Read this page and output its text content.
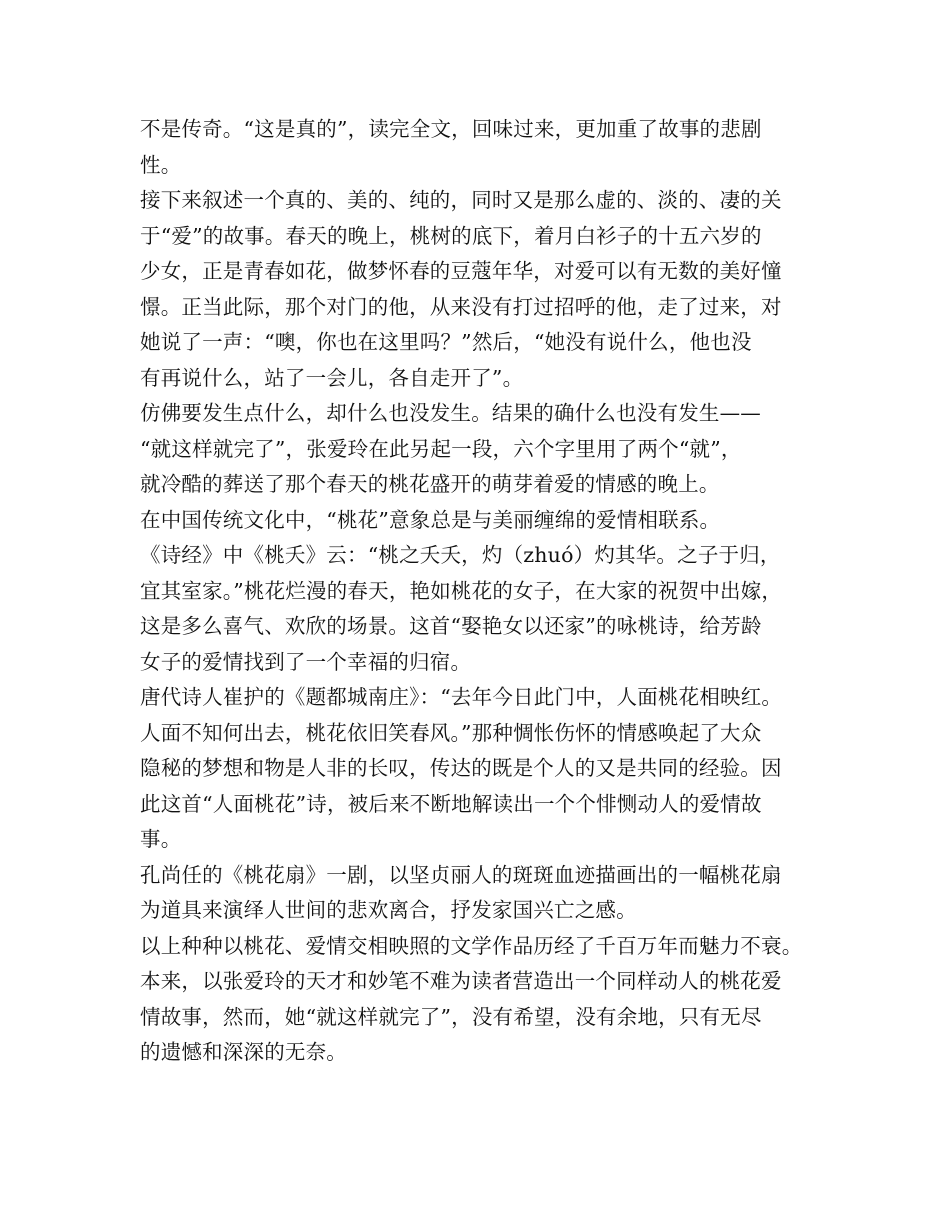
不是传奇。“这是真的”，读完全文，回味过来，更加重了故事的悲剧
性。
接下来叙述一个真的、美的、纯的，同时又是那么虚的、淡的、凄的关
于“爱”的故事。春天的晚上，桃树的底下，着月白衫子的十五六岁的
少女，正是青春如花，做梦怀春的豆蔻年华，对爱可以有无数的美好憧
憬。正当此际，那个对门的他，从来没有打过招呼的他，走了过来，对
她说了一声：“噢，你也在这里吗？”然后，“她没有说什么，他也没
有再说什么，站了一会儿，各自走开了”。
仿佛要发生点什么，却什么也没发生。结果的确什么也没有发生——
“就这样就完了”，张爱玲在此另起一段，六个字里用了两个“就”，
就冷酷的葬送了那个春天的桃花盛开的萌芽着爱的情感的晚上。
在中国传统文化中，“桃花”意象总是与美丽缠绵的爱情相联系。
《诗经》中《桃夭》云：“桃之夭夭，灼（zhuó）灼其华。之子于归，
宜其室家。”桃花烂漫的春天，艳如桃花的女子，在大家的祝贺中出嫁，
这是多么喜气、欢欣的场景。这首“娶艳女以还家”的咏桃诗，给芳龄
女子的爱情找到了一个幸福的归宿。
唐代诗人崔护的《题都城南庄》：“去年今日此门中，人面桃花相映红。
人面不知何出去，桃花依旧笑春风。”那种惆怅伤怀的情感唤起了大众
隐秘的梦想和物是人非的长叹，传达的既是个人的又是共同的经验。因
此这首“人面桃花”诗，被后来不断地解读出一个个悱恻动人的爱情故
事。
孔尚任的《桃花扇》一剧，以坚贞丽人的斑斑血迹描画出的一幅桃花扇
为道具来演绎人世间的悲欢离合，抒发家国兴亡之感。
以上种种以桃花、爱情交相映照的文学作品历经了千百万年而魅力不衰。
本来，以张爱玲的天才和妙笔不难为读者营造出一个同样动人的桃花爱
情故事，然而，她“就这样就完了”，没有希望，没有余地，只有无尽
的遗憾和深深的无奈。
